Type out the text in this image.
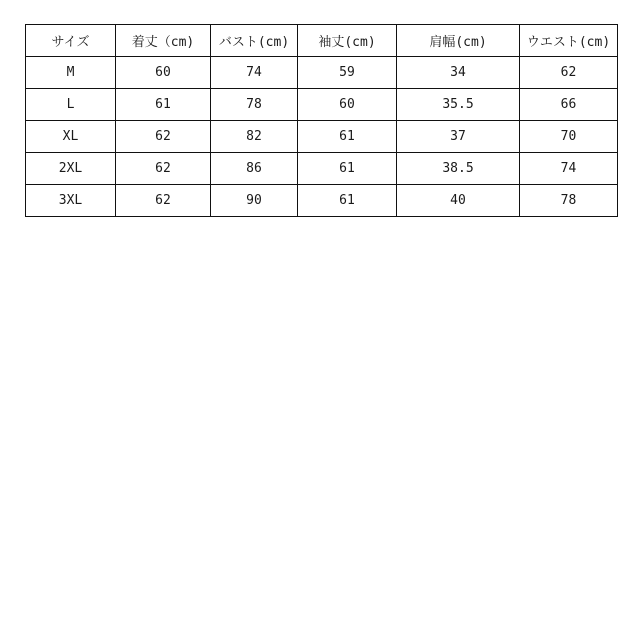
サイズ	着丈（cm)	バスト(cm)	袖丈(cm)	肩幅(cm)	ウエスト(cm)
M	60	74	59	34	62
L	61	78	60	35.5	66
XL	62	82	61	37	70
2XL	62	86	61	38.5	74
3XL	62	90	61	40	78
